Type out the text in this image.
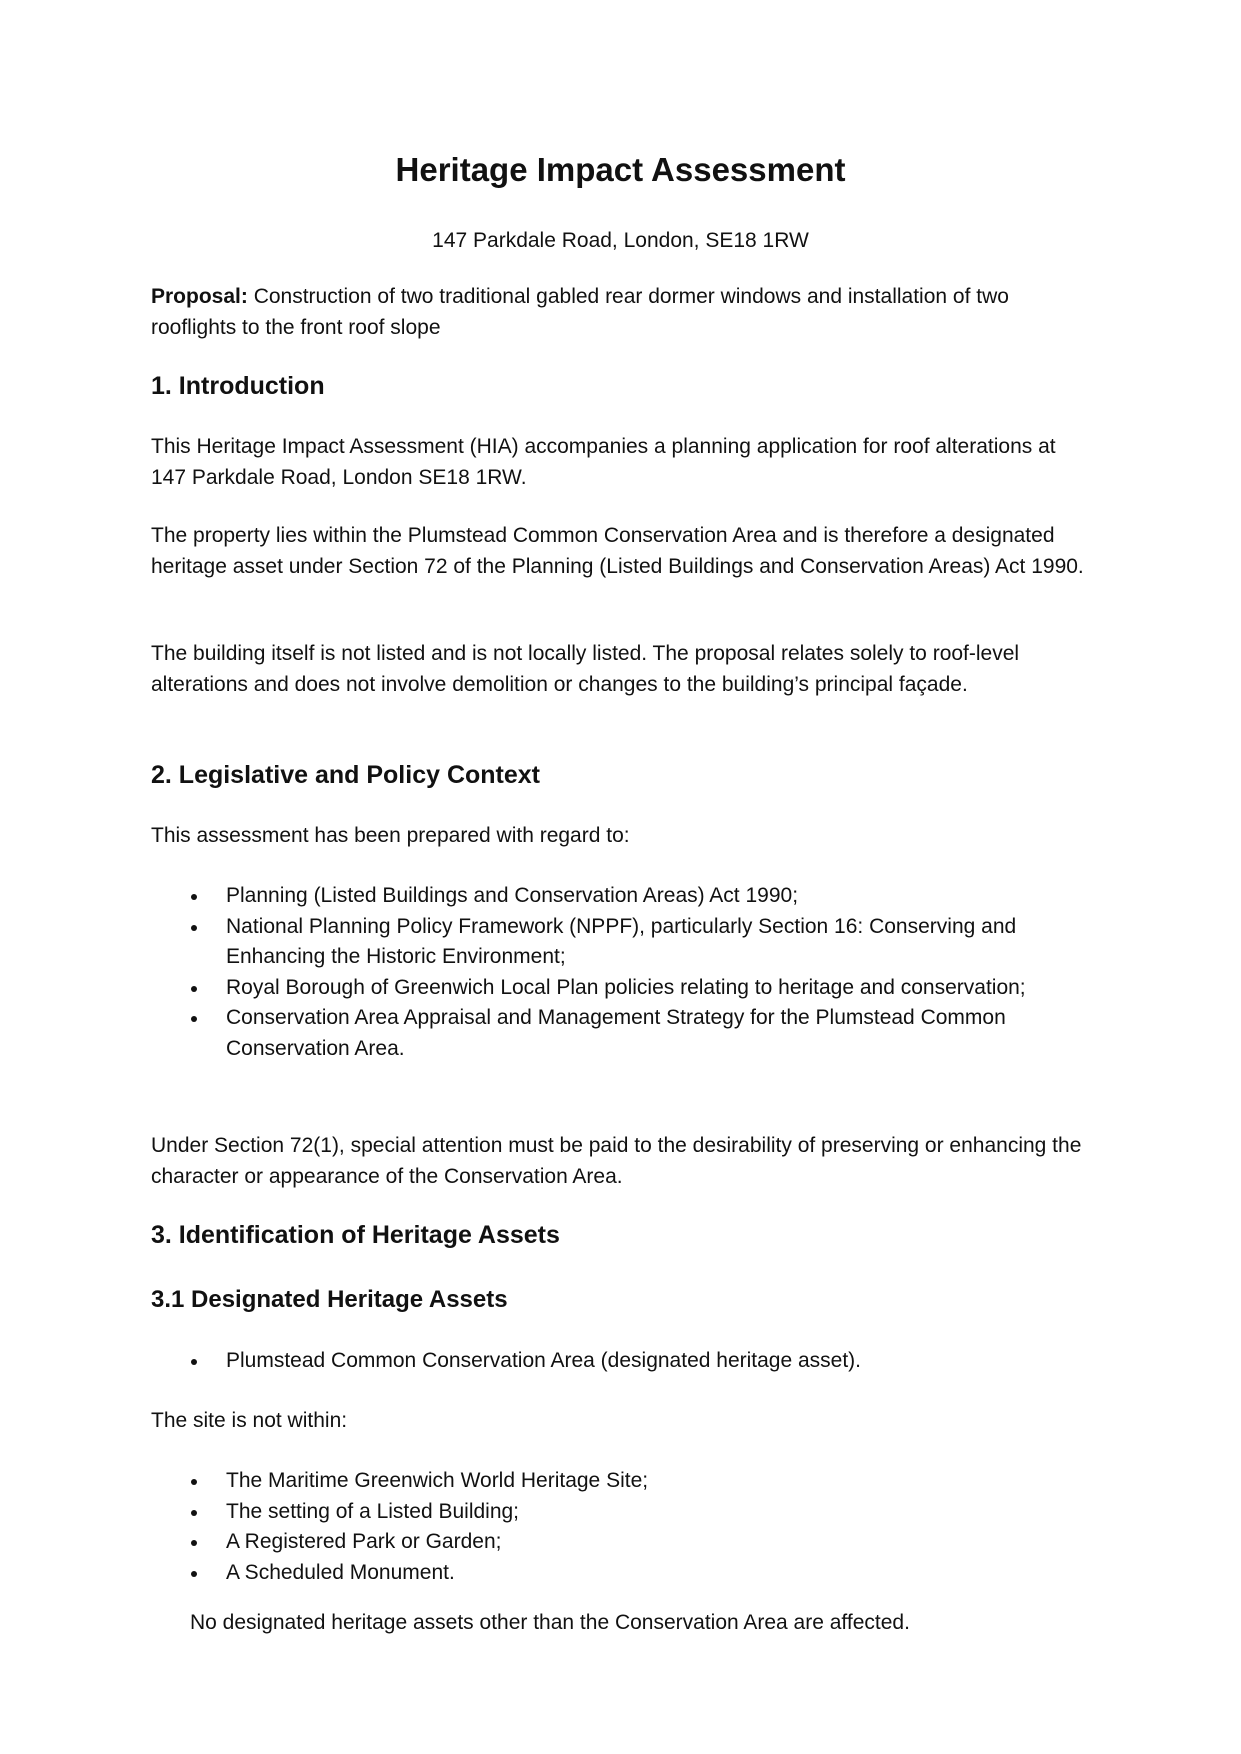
Heritage Impact Assessment

147 Parkdale Road, London, SE18 1RW

Proposal: Construction of two traditional gabled rear dormer windows and installation of two rooflights to the front roof slope

1. Introduction

This Heritage Impact Assessment (HIA) accompanies a planning application for roof alterations at 147 Parkdale Road, London SE18 1RW.

The property lies within the Plumstead Common Conservation Area and is therefore a designated heritage asset under Section 72 of the Planning (Listed Buildings and Conservation Areas) Act 1990.

The building itself is not listed and is not locally listed. The proposal relates solely to roof-level alterations and does not involve demolition or changes to the building’s principal façade.

2. Legislative and Policy Context

This assessment has been prepared with regard to:

Planning (Listed Buildings and Conservation Areas) Act 1990;
National Planning Policy Framework (NPPF), particularly Section 16: Conserving and Enhancing the Historic Environment;
Royal Borough of Greenwich Local Plan policies relating to heritage and conservation;
Conservation Area Appraisal and Management Strategy for the Plumstead Common Conservation Area.

Under Section 72(1), special attention must be paid to the desirability of preserving or enhancing the character or appearance of the Conservation Area.

3. Identification of Heritage Assets
3.1 Designated Heritage Assets
Plumstead Common Conservation Area (designated heritage asset).

The site is not within:

The Maritime Greenwich World Heritage Site;
The setting of a Listed Building;
A Registered Park or Garden;
A Scheduled Monument.

No designated heritage assets other than the Conservation Area are affected.
